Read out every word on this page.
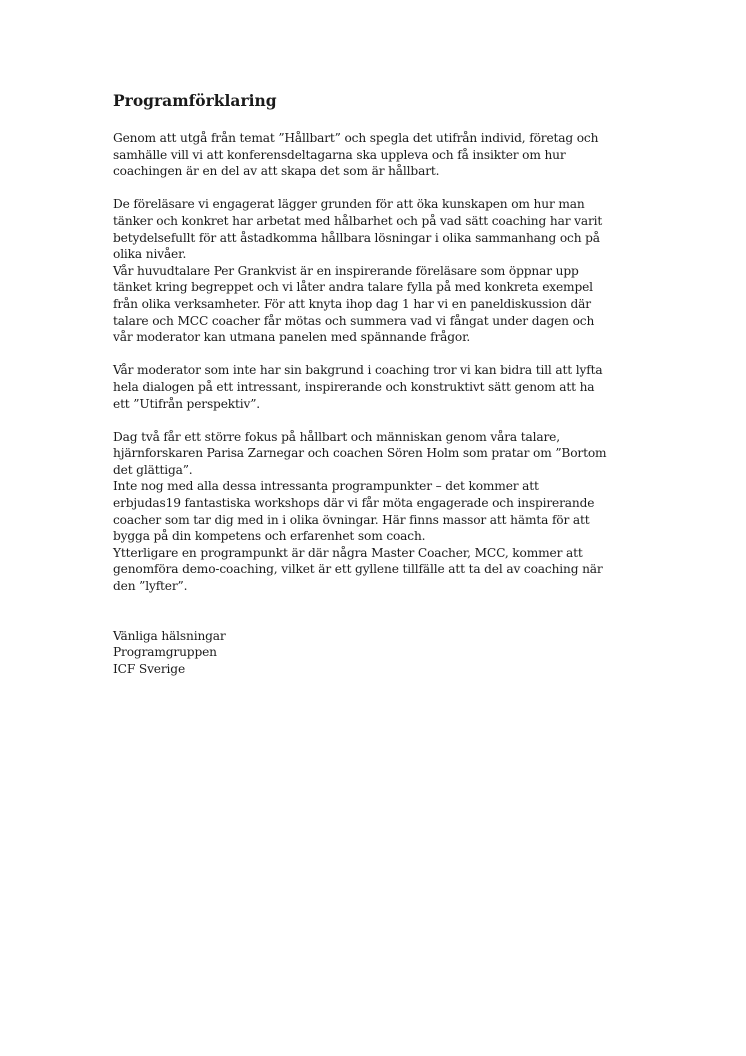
Programförklaring
Genom att utgå från temat ”Hållbart” och spegla det utifrån individ, företag och
samhälle vill vi att konferensdeltagarna ska uppleva och få insikter om hur
coachingen är en del av att skapa det som är hållbart.
De föreläsare vi engagerat lägger grunden för att öka kunskapen om hur man
tänker och konkret har arbetat med hålbarhet och på vad sätt coaching har varit
betydelsefullt för att åstadkomma hållbara lösningar i olika sammanhang och på
olika nivåer.
Vår huvudtalare Per Grankvist är en inspirerande föreläsare som öppnar upp
tänket kring begreppet och vi låter andra talare fylla på med konkreta exempel
från olika verksamheter. För att knyta ihop dag 1 har vi en paneldiskussion där
talare och MCC coacher får mötas och summera vad vi fångat under dagen och
vår moderator kan utmana panelen med spännande frågor.
Vår moderator som inte har sin bakgrund i coaching tror vi kan bidra till att lyfta
hela dialogen på ett intressant, inspirerande och konstruktivt sätt genom att ha
ett ”Utifrån perspektiv”.
Dag två får ett större fokus på hållbart och människan genom våra talare,
hjärnforskaren Parisa Zarnegar och coachen Sören Holm som pratar om ”Bortom
det glättiga”.
Inte nog med alla dessa intressanta programpunkter – det kommer att
erbjudas19 fantastiska workshops där vi får möta engagerade och inspirerande
coacher som tar dig med in i olika övningar. Här finns massor att hämta för att
bygga på din kompetens och erfarenhet som coach.
Ytterligare en programpunkt är där några Master Coacher, MCC, kommer att
genomföra demo-coaching, vilket är ett gyllene tillfälle att ta del av coaching när
den ”lyfter”.
Vänliga hälsningar
Programgruppen
ICF Sverige
